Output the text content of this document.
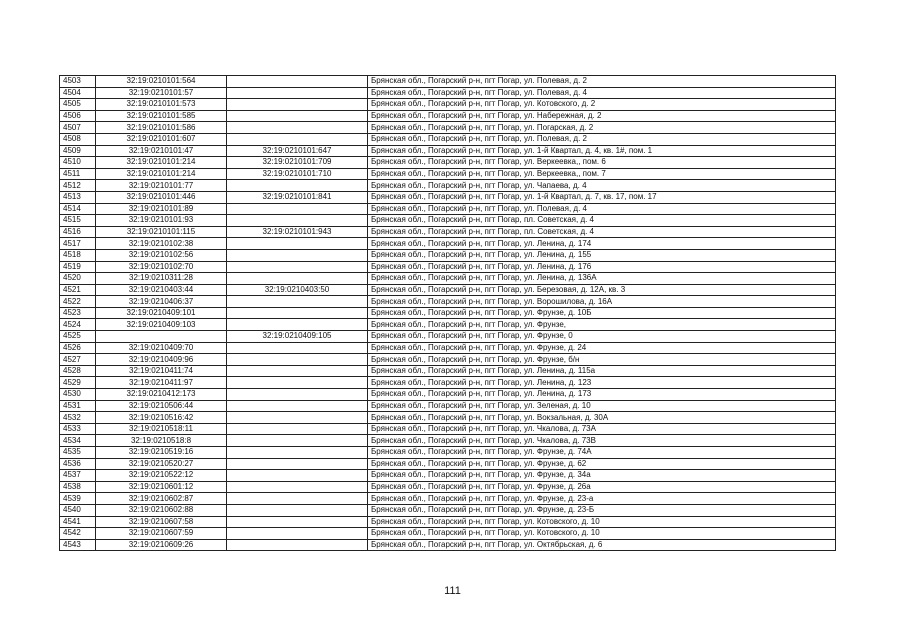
4503	32:19:0210101:564		Брянская обл., Погарский р-н, пгт Погар, ул. Полевая, д. 2
4504	32:19:0210101:57		Брянская обл., Погарский р-н, пгт Погар, ул. Полевая, д. 4
4505	32:19:0210101:573		Брянская обл., Погарский р-н, пгт Погар, ул. Котовского, д. 2
4506	32:19:0210101:585		Брянская обл., Погарский р-н, пгт Погар, ул. Набережная, д. 2
4507	32:19:0210101:586		Брянская обл., Погарский р-н, пгт Погар, ул. Погарская, д. 2
4508	32:19:0210101:607		Брянская обл., Погарский р-н, пгт Погар, ул. Полевая, д. 2
4509	32:19:0210101:47	32:19:0210101:647	Брянская обл., Погарский р-н, пгт Погар, ул. 1-й Квартал, д. 4, кв. 1#, пом. 1
4510	32:19:0210101:214	32:19:0210101:709	Брянская обл., Погарский р-н, пгт Погар, ул. Веркеевка,, пом. 6
4511	32:19:0210101:214	32:19:0210101:710	Брянская обл., Погарский р-н, пгт Погар, ул. Веркеевка,, пом. 7
4512	32:19:0210101:77		Брянская обл., Погарский р-н, пгт Погар, ул. Чапаева, д. 4
4513	32:19:0210101:446	32:19:0210101:841	Брянская обл., Погарский р-н, пгт Погар, ул. 1-й Квартал, д. 7, кв. 17, пом. 17
4514	32:19:0210101:89		Брянская обл., Погарский р-н, пгт Погар, ул. Полевая, д. 4
4515	32:19:0210101:93		Брянская обл., Погарский р-н, пгт Погар, пл. Советская, д. 4
4516	32:19:0210101:115	32:19:0210101:943	Брянская обл., Погарский р-н, пгт Погар, пл. Советская, д. 4
4517	32:19:0210102:38		Брянская обл., Погарский р-н, пгт Погар, ул. Ленина, д. 174
4518	32:19:0210102:56		Брянская обл., Погарский р-н, пгт Погар, ул. Ленина, д. 155
4519	32:19:0210102:70		Брянская обл., Погарский р-н, пгт Погар, ул. Ленина, д. 176
4520	32:19:0210311:28		Брянская обл., Погарский р-н, пгт Погар, ул. Ленина, д. 136А
4521	32:19:0210403:44	32:19:0210403:50	Брянская обл., Погарский р-н, пгт Погар, ул. Березовая, д. 12А, кв. 3
4522	32:19:0210406:37		Брянская обл., Погарский р-н, пгт Погар, ул. Ворошилова, д. 16А
4523	32:19:0210409:101		Брянская обл., Погарский р-н, пгт Погар, ул. Фрунзе, д. 10Б
4524	32:19:0210409:103		Брянская обл., Погарский р-н, пгт Погар, ул. Фрунзе,
4525		32:19:0210409:105	Брянская обл., Погарский р-н, пгт Погар, ул. Фрунзе, 0
4526	32:19:0210409:70		Брянская обл., Погарский р-н, пгт Погар, ул. Фрунзе, д. 24
4527	32:19:0210409:96		Брянская обл., Погарский р-н, пгт Погар, ул. Фрунзе, б/н
4528	32:19:0210411:74		Брянская обл., Погарский р-н, пгт Погар, ул. Ленина, д. 115а
4529	32:19:0210411:97		Брянская обл., Погарский р-н, пгт Погар, ул. Ленина, д. 123
4530	32:19:0210412:173		Брянская обл., Погарский р-н, пгт Погар, ул. Ленина, д. 173
4531	32:19:0210506:44		Брянская обл., Погарский р-н, пгт Погар, ул. Зеленая, д. 10
4532	32:19:0210516:42		Брянская обл., Погарский р-н, пгт Погар, ул. Вокзальная, д. 30А
4533	32:19:0210518:11		Брянская обл., Погарский р-н, пгт Погар, ул. Чкалова, д. 73А
4534	32:19:0210518:8		Брянская обл., Погарский р-н, пгт Погар, ул. Чкалова, д. 73В
4535	32:19:0210519:16		Брянская обл., Погарский р-н, пгт Погар, ул. Фрунзе, д. 74А
4536	32:19:0210520:27		Брянская обл., Погарский р-н, пгт Погар, ул. Фрунзе, д. 62
4537	32:19:0210522:12		Брянская обл., Погарский р-н, пгт Погар, ул. Фрунзе, д. 34а
4538	32:19:0210601:12		Брянская обл., Погарский р-н, пгт Погар, ул. Фрунзе, д. 26а
4539	32:19:0210602:87		Брянская обл., Погарский р-н, пгт Погар, ул. Фрунзе, д. 23-а
4540	32:19:0210602:88		Брянская обл., Погарский р-н, пгт Погар, ул. Фрунзе, д. 23-Б
4541	32:19:0210607:58		Брянская обл., Погарский р-н, пгт Погар, ул. Котовского, д. 10
4542	32:19:0210607:59		Брянская обл., Погарский р-н, пгт Погар, ул. Котовского, д. 10
4543	32:19:0210609:26		Брянская обл., Погарский р-н, пгт Погар, ул. Октябрьская, д. 6
111
